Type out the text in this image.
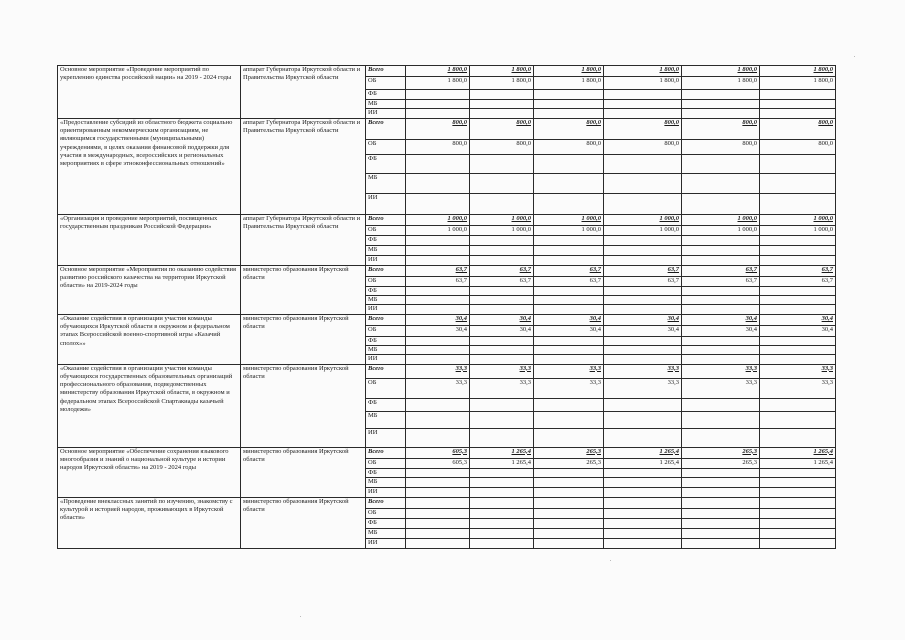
Основное мероприятие «Проведение мероприятий по укреплению единства российской нации» на 2019 - 2024 годы	аппарат Губернатора Иркутской области и Правительства Иркутской области	Всего	1 800,0	1 800,0	1 800,0	1 800,0	1 800,0	1 800,0
		ОБ	1 800,0	1 800,0	1 800,0	1 800,0	1 800,0	1 800,0
		ФБ						
		МБ						
		ИИ						
«Предоставление субсидий из областного бюджета социально ориентированным некоммерческим организациям, не являющимся государственными (муниципальными) учреждениями, в целях оказания финансовой поддержки для участия в международных, всероссийских и региональных мероприятиях в сфере этноконфессиональных отношений»	аппарат Губернатора Иркутской области и Правительства Иркутской области	Всего	800,0	800,0	800,0	800,0	800,0	800,0
		ОБ	800,0	800,0	800,0	800,0	800,0	800,0
		ФБ						
		МБ						
		ИИ						
«Организация и проведение мероприятий, посвященных государственным праздникам Российской Федерации»	аппарат Губернатора Иркутской области и Правительства Иркутской области	Всего	1 000,0	1 000,0	1 000,0	1 000,0	1 000,0	1 000,0
		ОБ	1 000,0	1 000,0	1 000,0	1 000,0	1 000,0	1 000,0
		ФБ						
		МБ						
		ИИ						
Основное мероприятие «Мероприятия по оказанию содействия развитию российского казачества на территории Иркутской области» на 2019-2024 годы	министерство образования Иркутской области	Всего	63,7	63,7	63,7	63,7	63,7	63,7
		ОБ	63,7	63,7	63,7	63,7	63,7	63,7
		ФБ						
		МБ						
		ИИ						
«Оказание содействия в организации участия команды обучающихся Иркутской области в окружном и федеральном этапах Всероссийской военно-спортивной игры «Казачий сполох»»	министерство образования Иркутской области	Всего	30,4	30,4	30,4	30,4	30,4	30,4
		ОБ	30,4	30,4	30,4	30,4	30,4	30,4
		ФБ						
		МБ						
		ИИ						
«Оказание содействия в организации участия команды обучающихся государственных образовательных организаций профессионального образования, подведомственных министерству образования Иркутской области, в окружном и федеральном этапах Всероссийской Спартакиады казачьей молодежи»	министерство образования Иркутской области	Всего	33,3	33,3	33,3	33,3	33,3	33,3
		ОБ	33,3	33,3	33,3	33,3	33,3	33,3
		ФБ						
		МБ						
		ИИ						
Основное мероприятие «Обеспечение сохранения языкового многообразия и знаний о национальной культуре и истории народов Иркутской области» на 2019 - 2024 годы	министерство образования Иркутской области	Всего	605,3	1 265,4	265,3	1 265,4	265,3	1 265,4
		ОБ	605,3	1 265,4	265,3	1 265,4	265,3	1 265,4
		ФБ						
		МБ						
		ИИ						
«Проведение внеклассных занятий по изучению, знакомству с культурой и историей народов, проживающих в Иркутской области»	министерство образования Иркутской области	Всего						
		ОБ						
		ФБ						
		МБ						
		ИИ						
